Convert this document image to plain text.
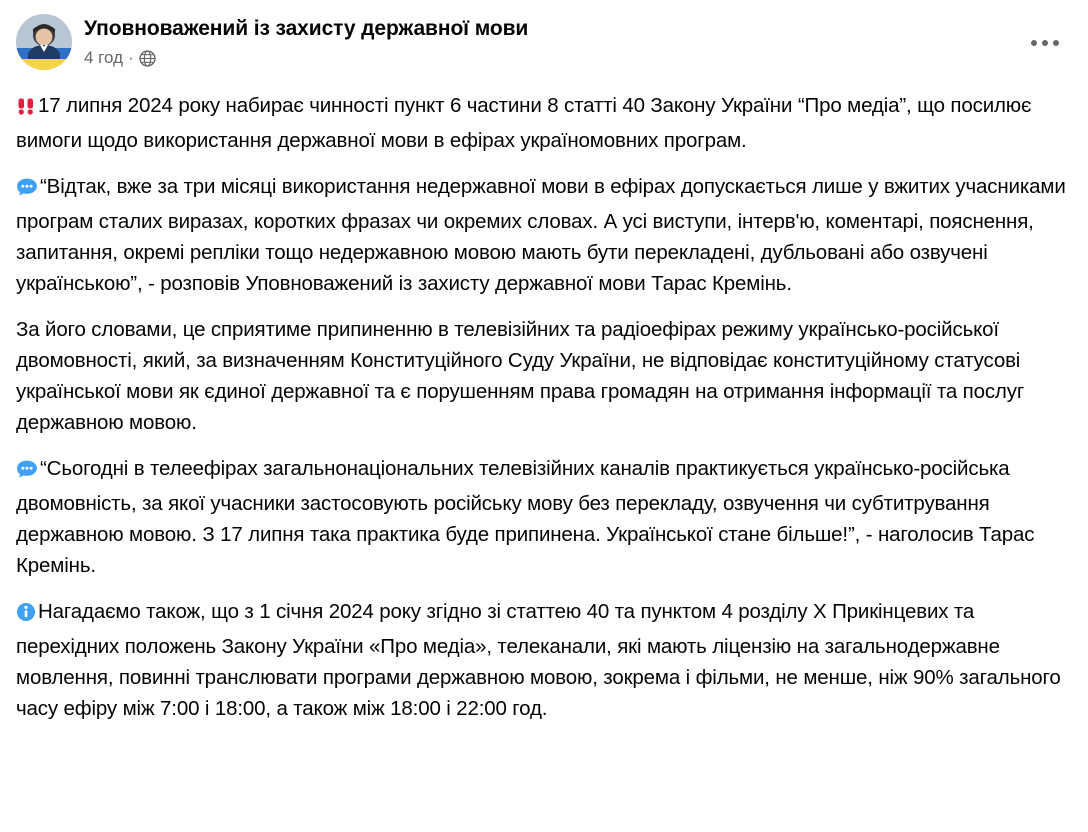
Уповноважений із захисту державної мови
4 год ·

17 липня 2024 року набирає чинності пункт 6 частини 8 статті 40 Закону України “Про медіа”, що посилює вимоги щодо використання державної мови в ефірах україномовних програм.

“Відтак, вже за три місяці використання недержавної мови в ефірах допускається лише у вжитих учасниками програм сталих виразах, коротких фразах чи окремих словах. А усі виступи, інтерв'ю, коментарі, пояснення, запитання, окремі репліки тощо недержавною мовою мають бути перекладені, дубльовані або озвучені українською”, - розповів Уповноважений із захисту державної мови Тарас Кремінь.

За його словами, це сприятиме припиненню в телевізійних та радіоефірах режиму українсько-російської двомовності, який, за визначенням Конституційного Суду України, не відповідає конституційному статусові української мови як єдиної державної та є порушенням права громадян на отримання інформації та послуг державною мовою.

“Сьогодні в телеефірах загальнонаціональних телевізійних каналів практикується українсько-російська двомовність, за якої учасники застосовують російську мову без перекладу, озвучення чи субтитрування державною мовою. З 17 липня така практика буде припинена. Української стане більше!”, - наголосив Тарас Кремінь.

Нагадаємо також, що з 1 січня 2024 року згідно зі статтею 40 та пунктом 4 розділу Х Прикінцевих та перехідних положень Закону України «Про медіа», телеканали, які мають ліцензію на загальнодержавне мовлення, повинні транслювати програми державною мовою, зокрема і фільми, не менше, ніж 90% загального часу ефіру між 7:00 і 18:00, а також між 18:00 і 22:00 год.
